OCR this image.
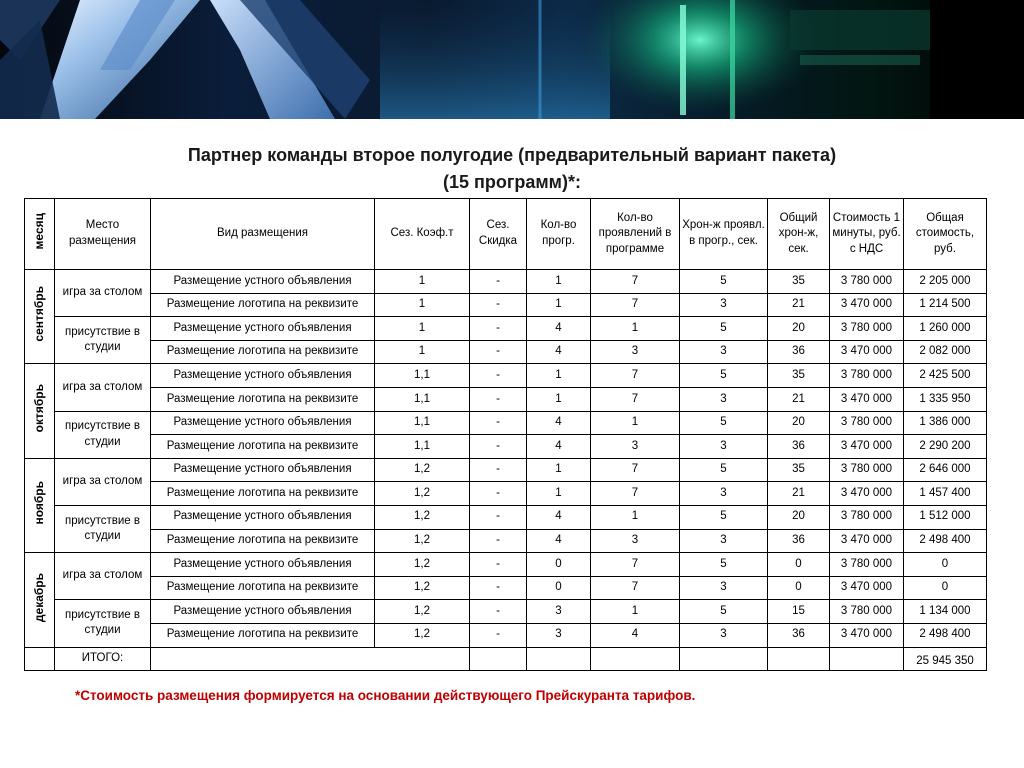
Партнер команды второе полугодие (предварительный вариант пакета)
(15 программ)*:
месяц	Место размещения	Вид размещения	Сез. Коэф.т	Сез. Скидка	Кол-во прогр.	Кол-во проявлений в программе	Хрон-ж проявл. в прогр., сек.	Общий хрон-ж, сек.	Стоимость 1 минуты, руб. с НДС	Общая стоимость, руб.
сентябрь	игра за столом	Размещение устного объявления	1	-	1	7	5	35	3 780 000	2 205 000
		Размещение логотипа на реквизите	1	-	1	7	3	21	3 470 000	1 214 500
	присутствие в студии	Размещение устного объявления	1	-	4	1	5	20	3 780 000	1 260 000
		Размещение логотипа на реквизите	1	-	4	3	3	36	3 470 000	2 082 000
октябрь	игра за столом	Размещение устного объявления	1,1	-	1	7	5	35	3 780 000	2 425 500
		Размещение логотипа на реквизите	1,1	-	1	7	3	21	3 470 000	1 335 950
	присутствие в студии	Размещение устного объявления	1,1	-	4	1	5	20	3 780 000	1 386 000
		Размещение логотипа на реквизите	1,1	-	4	3	3	36	3 470 000	2 290 200
ноябрь	игра за столом	Размещение устного объявления	1,2	-	1	7	5	35	3 780 000	2 646 000
		Размещение логотипа на реквизите	1,2	-	1	7	3	21	3 470 000	1 457 400
	присутствие в студии	Размещение устного объявления	1,2	-	4	1	5	20	3 780 000	1 512 000
		Размещение логотипа на реквизите	1,2	-	4	3	3	36	3 470 000	2 498 400
декабрь	игра за столом	Размещение устного объявления	1,2	-	0	7	5	0	3 780 000	0
		Размещение логотипа на реквизите	1,2	-	0	7	3	0	3 470 000	0
	присутствие в студии	Размещение устного объявления	1,2	-	3	1	5	15	3 780 000	1 134 000
		Размещение логотипа на реквизите	1,2	-	3	4	3	36	3 470 000	2 498 400
	ИТОГО:									25 945 350
*Стоимость размещения формируется на основании действующего Прейскуранта тарифов.
